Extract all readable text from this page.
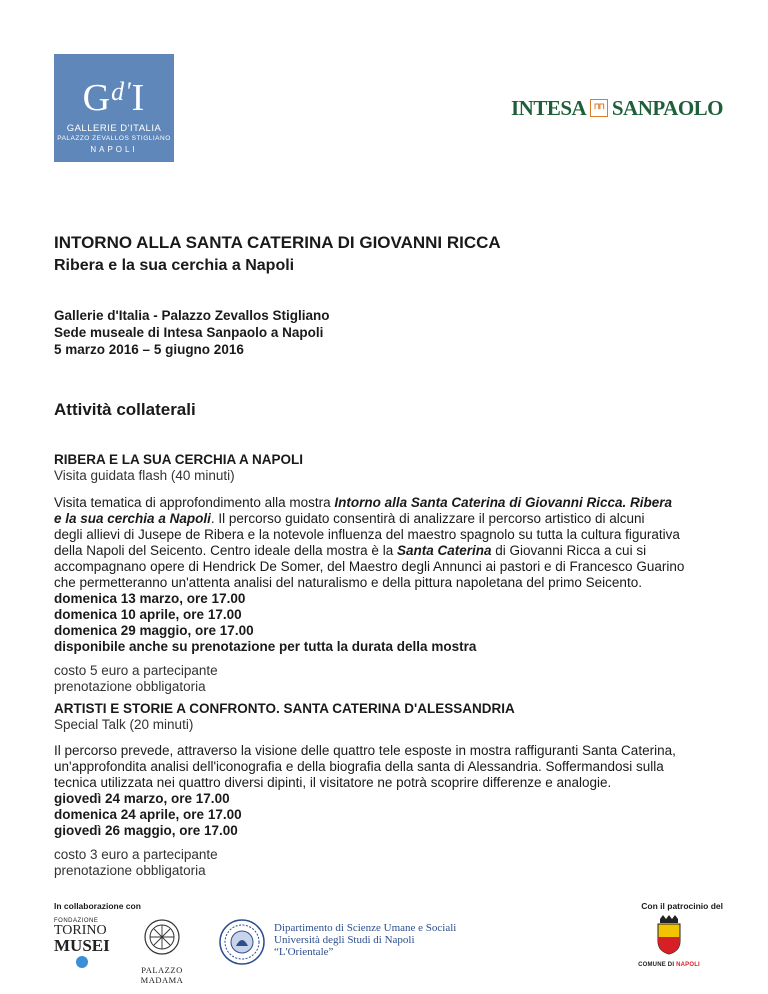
$G^{d'}I$
GALLERIE D'ITALIA
PALAZZO ZEVALLOS STIGLIANO
NAPOLI
INTESA ⊓⊓ SANPAOLO
INTORNO ALLA SANTA CATERINA DI GIOVANNI RICCA
Ribera e la sua cerchia a Napoli

Gallerie d'Italia - Palazzo Zevallos Stigliano

Sede museale di Intesa Sanpaolo a Napoli

5 marzo 2016 – 5 giugno 2016

Attività collaterali

RIBERA E LA SUA CERCHIA A NAPOLI

Visita guidata flash (40 minuti)

Visita tematica di approfondimento alla mostra Intorno alla Santa Caterina di Giovanni Ricca. Ribera

e la sua cerchia a Napoli. Il percorso guidato consentirà di analizzare il percorso artistico di alcuni

degli allievi di Jusepe de Ribera e la notevole influenza del maestro spagnolo su tutta la cultura figurativa

della Napoli del Seicento. Centro ideale della mostra è la Santa Caterina di Giovanni Ricca a cui si

accompagnano opere di Hendrick De Somer, del Maestro degli Annunci ai pastori e di Francesco Guarino

che permetteranno un'attenta analisi del naturalismo e della pittura napoletana del primo Seicento.

domenica 13 marzo, ore 17.00

domenica 10 aprile, ore 17.00

domenica 29 maggio, ore 17.00

disponibile anche su prenotazione per tutta la durata della mostra

costo 5 euro a partecipante

prenotazione obbligatoria

ARTISTI E STORIE A CONFRONTO. SANTA CATERINA D'ALESSANDRIA

Special Talk (20 minuti)

Il percorso prevede, attraverso la visione delle quattro tele esposte in mostra raffiguranti Santa Caterina,

un'approfondita analisi dell'iconografia e della biografia della santa di Alessandria. Soffermandosi sulla

tecnica utilizzata nei quattro diversi dipinti, il visitatore ne potrà scoprire differenze e analogie.

giovedì 24 marzo, ore 17.00

domenica 24 aprile, ore 17.00

giovedì 26 maggio, ore 17.00

costo 3 euro a partecipante

prenotazione obbligatoria

In collaborazione con	Con il patrocinio del
FONDAZIONE
TORINO
MUSEI
PALAZZO MADAMA
Dipartimento di Scienze Umane e Sociali
Università degli Studi di Napoli
“L'Orientale”
COMUNE DI NAPOLI
